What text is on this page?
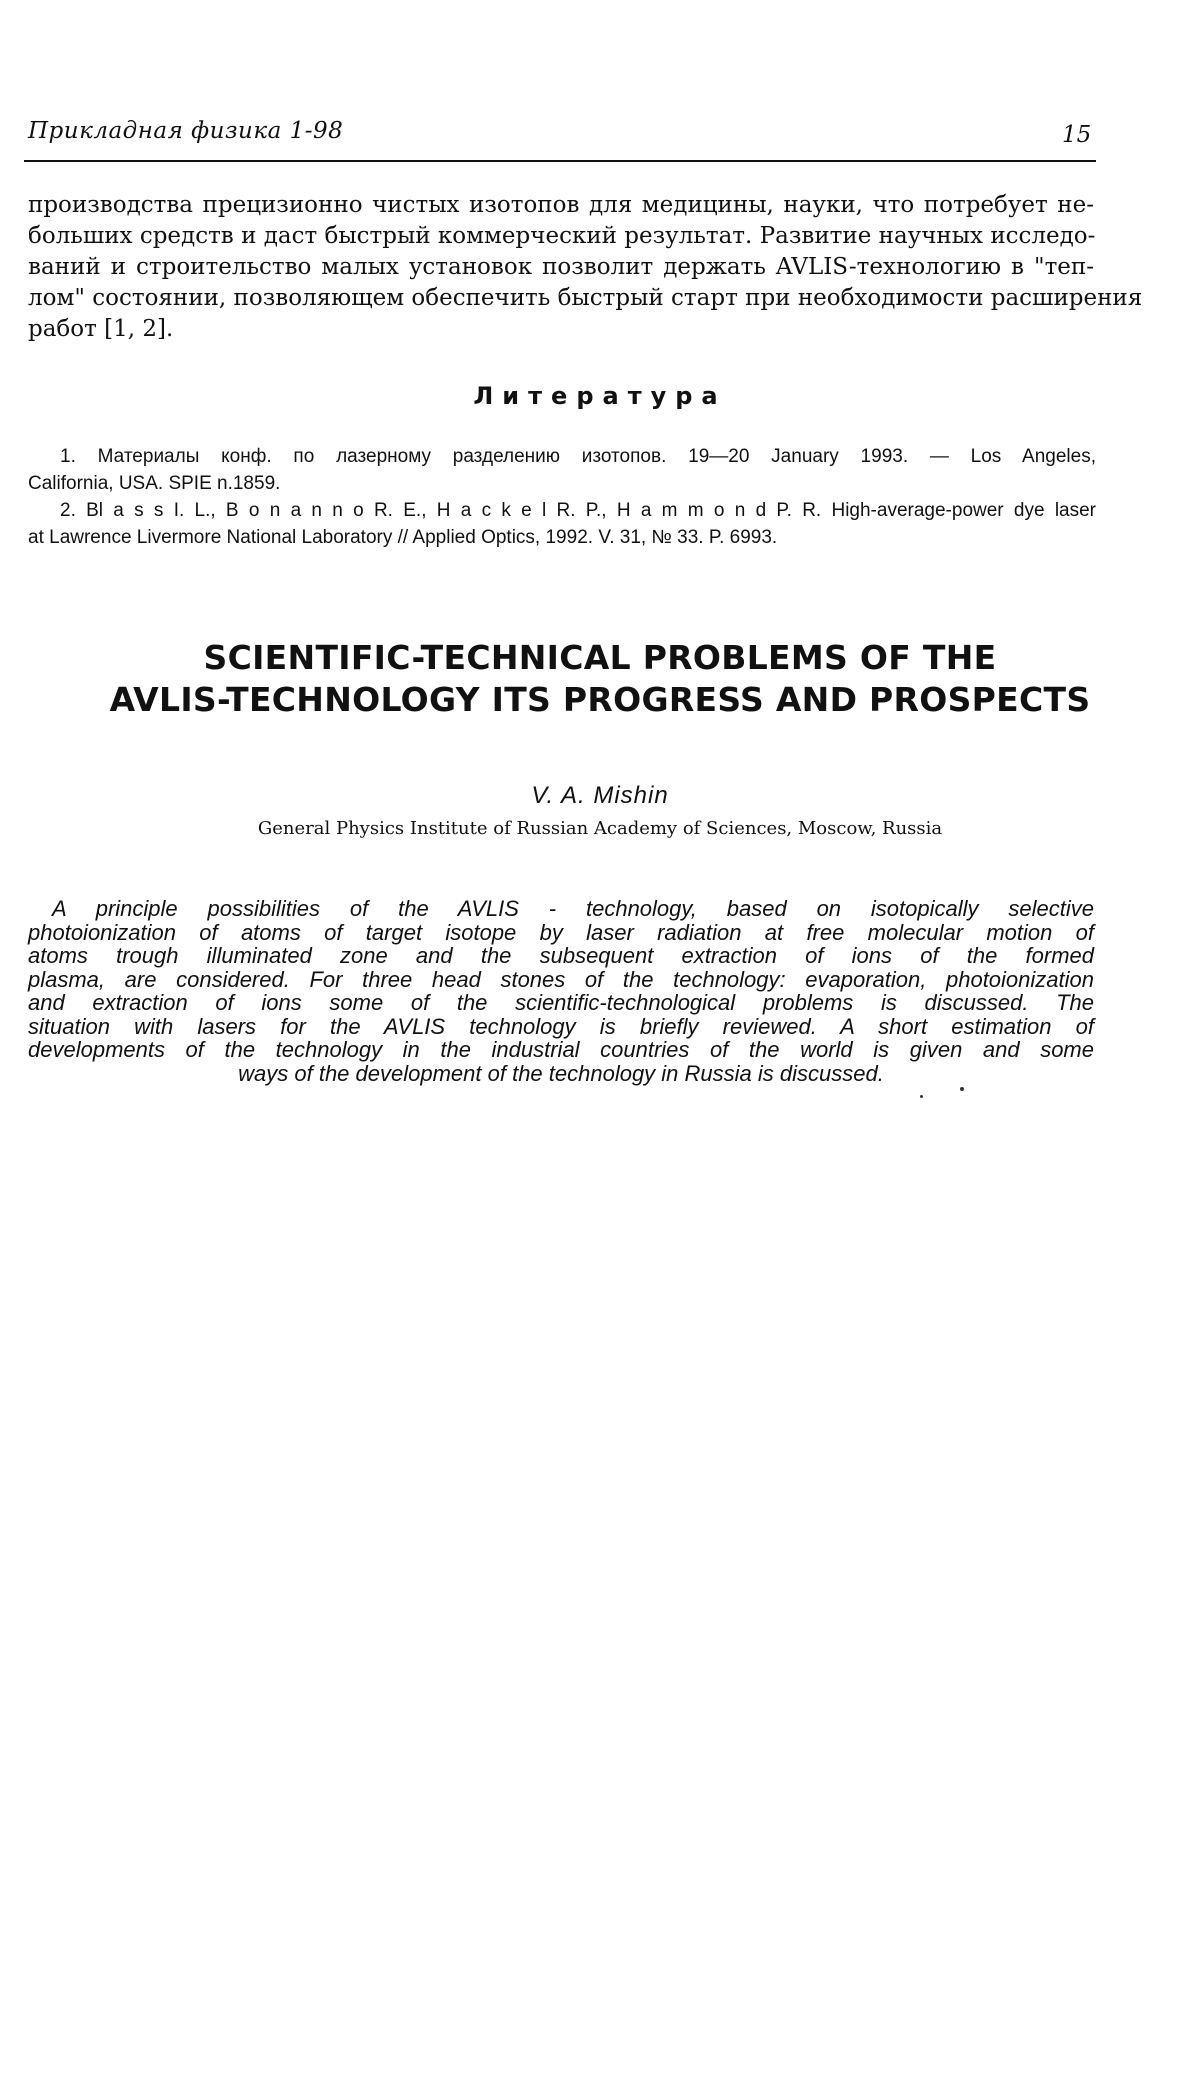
Прикладная физика 1-98	15
производства прецизионно чистых изотопов для медицины, науки, что потребует не-
больших средств и даст быстрый коммерческий результат. Развитие научных исследо-
ваний и строительство малых установок позволит держать AVLIS-технологию в "теп-
лом" состоянии, позволяющем обеспечить быстрый старт при необходимости расширения
работ [1, 2].
Литература
1. Материалы конф. по лазерному разделению изотопов. 19—20 January 1993. — Los Angeles,
California, USA. SPIE n.1859.
2. Bl a s s I. L., B o n a n n o R. E., H a c k e l R. P., H a m m o n d P. R. High-average-power dye laser
at Lawrence Livermore National Laboratory // Applied Optics, 1992. V. 31, № 33. P. 6993.
SCIENTIFIC-TECHNICAL PROBLEMS OF THE
AVLIS-TECHNOLOGY ITS PROGRESS AND PROSPECTS
V. A. Mishin
General Physics Institute of Russian Academy of Sciences, Moscow, Russia
A principle possibilities of the AVLIS - technology, based on isotopically selective
photoionization of atoms of target isotope by laser radiation at free molecular motion of
atoms trough illuminated zone and the subsequent extraction of ions of the formed
plasma, are considered. For three head stones of the technology: evaporation, photoionization
and extraction of ions some of the scientific-technological problems is discussed. The
situation with lasers for the AVLIS technology is briefly reviewed. A short estimation of
developments of the technology in the industrial countries of the world is given and some
ways of the development of the technology in Russia is discussed.
